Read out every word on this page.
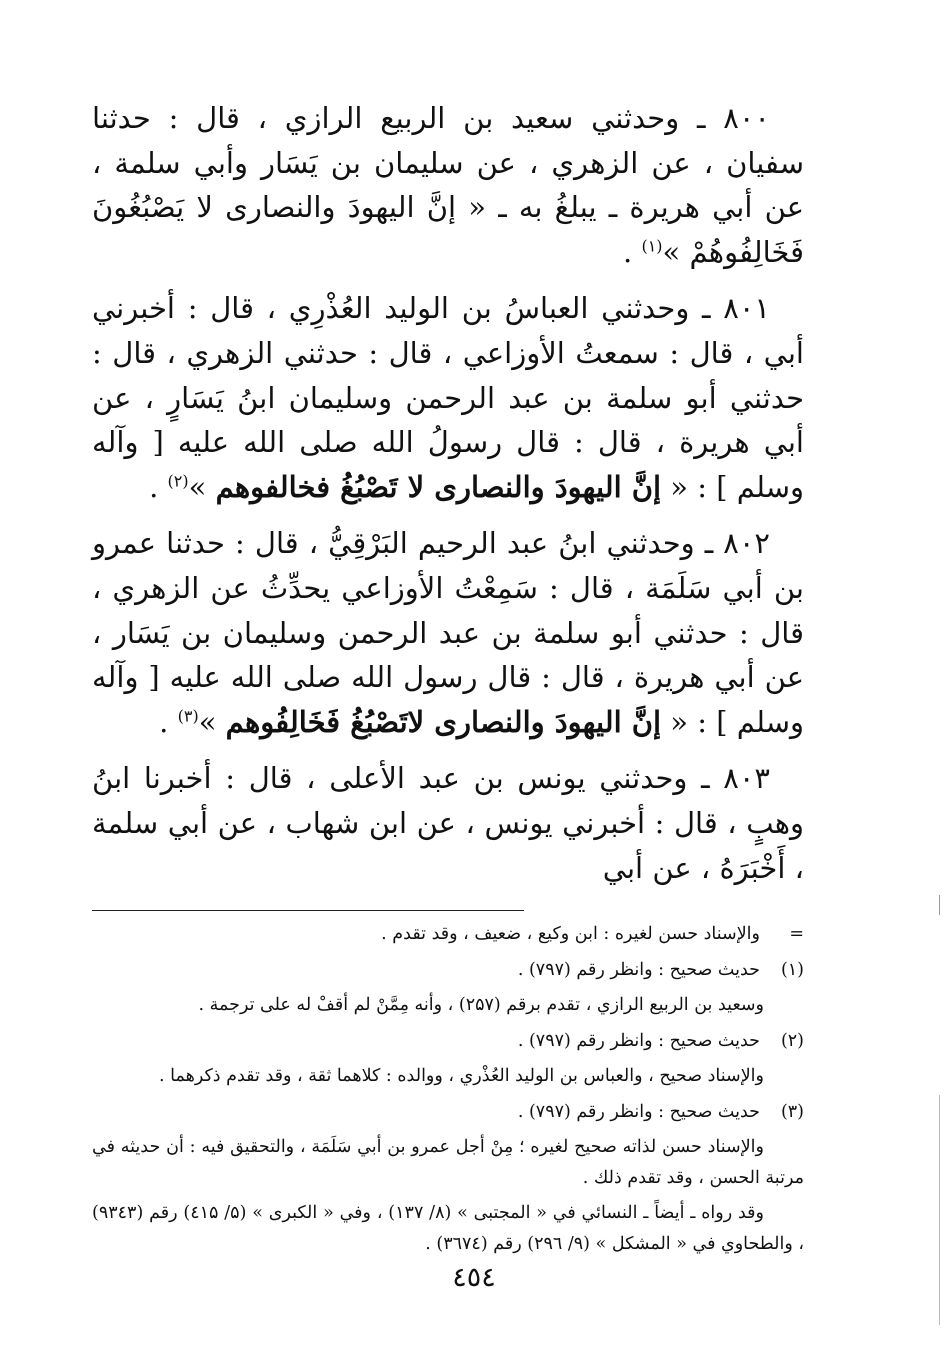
۸۰۰ ـ وحدثني سعيد بن الربيع الرازي ، قال : حدثنا سفيان ، عن الزهري ، عن سليمان بن يَسَار وأبي سلمة ، عن أبي هريرة ـ يبلغُ به ـ « إنَّ اليهودَ والنصارى لا يَصْبُغُونَ فَخَالِفُوهُمْ »$^{(۱)}$ .

۸۰۱ ـ وحدثني العباسُ بن الوليد العُذْرِي ، قال : أخبرني أبي ، قال : سمعتُ الأوزاعي ، قال : حدثني الزهري ، قال : حدثني أبو سلمة بن عبد الرحمن وسليمان ابنُ يَسَارٍ ، عن أبي هريرة ، قال : قال رسولُ الله صلى الله عليه [ وآله وسلم ] : « إنَّ اليهودَ والنصارى لا تَصْبُغُ فخالفوهم »$^{(۲)}$ .

۸۰۲ ـ وحدثني ابنُ عبد الرحيم البَرْقِيُّ ، قال : حدثنا عمرو بن أبي سَلَمَة ، قال : سَمِعْتُ الأوزاعي يحدِّثُ عن الزهري ، قال : حدثني أبو سلمة بن عبد الرحمن وسليمان بن يَسَار ، عن أبي هريرة ، قال : قال رسول الله صلى الله عليه [ وآله وسلم ] : « إنَّ اليهودَ والنصارى لاتَصْبُغُ فَخَالِفُوهم »$^{(۳)}$ .

۸۰۳ ـ وحدثني يونس بن عبد الأعلى ، قال : أخبرنا ابنُ وهبٍ ، قال : أخبرني يونس ، عن ابن شهاب ، عن أبي سلمة ، أَخْبَرَهُ ، عن أبي

=والإسناد حسن لغيره : ابن وكيع ، ضعيف ، وقد تقدم .
(۱)حديث صحيح : وانظر رقم (۷۹۷) .
وسعيد بن الربيع الرازي ، تقدم برقم (۲۵۷) ، وأنه مِمَّنْ لم أقفْ له على ترجمة .
(۲)حديث صحيح : وانظر رقم (۷۹۷) .
والإسناد صحيح ، والعباس بن الوليد العُذْري ، ووالده : كلاهما ثقة ، وقد تقدم ذكرهما .
(۳)حديث صحيح : وانظر رقم (۷۹۷) .
والإسناد حسن لذاته صحيح لغيره ؛ مِنْ أجل عمرو بن أبي سَلَمَة ، والتحقيق فيه : أن حديثه في مرتبة الحسن ، وقد تقدم ذلك .
وقد رواه ـ أيضاً ـ النسائي في « المجتبى » (۸/ ۱۳۷) ، وفي « الكبرى » (۵/ ٤۱۵) رقم (۹۳٤۳) ، والطحاوي في « المشكل » (۹/ ۲۹٦) رقم (۳٦۷٤) .
٤٥٤
